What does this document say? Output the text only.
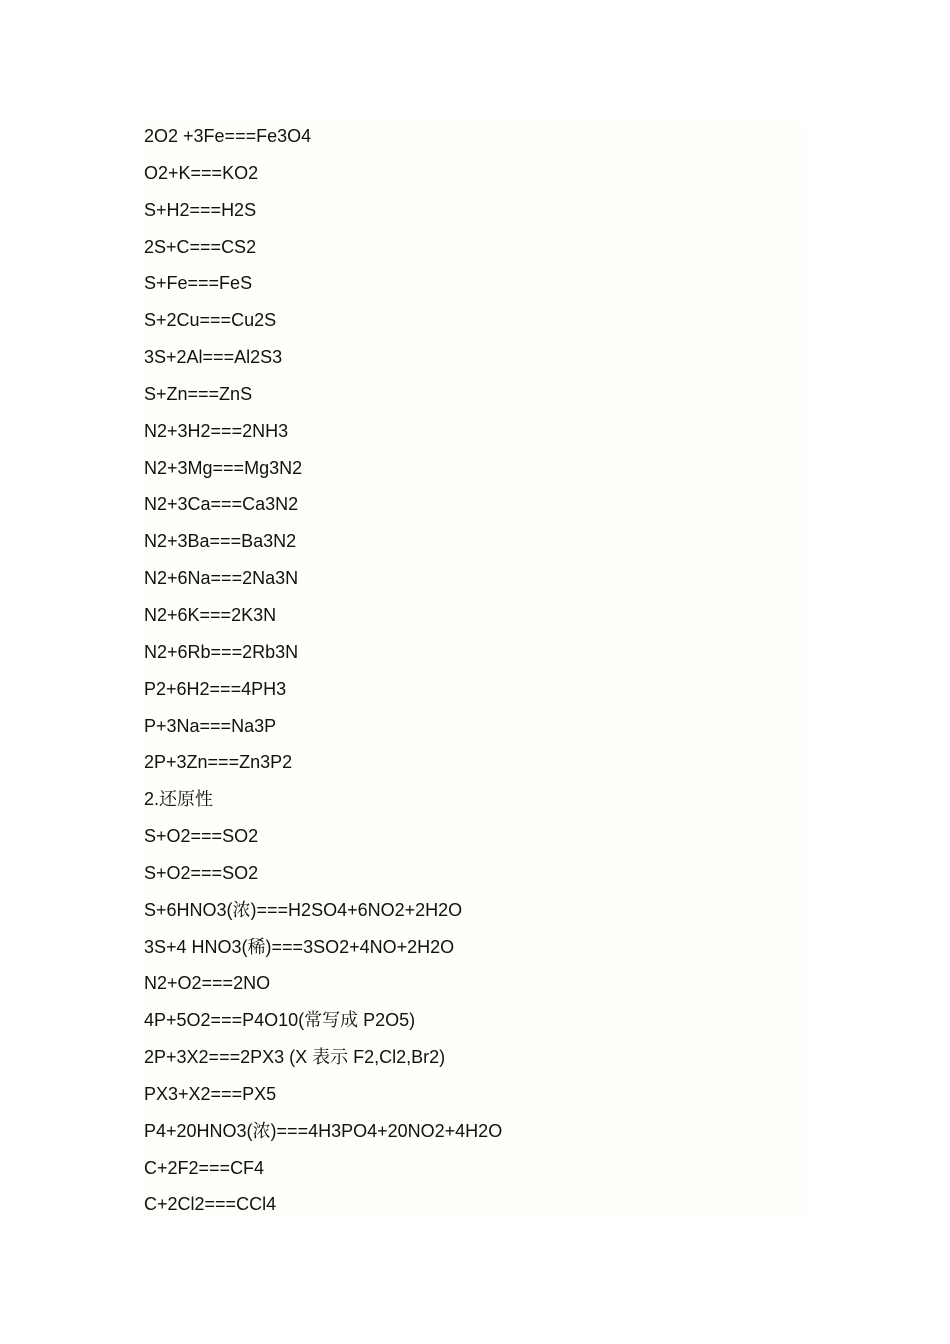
2O2 +3Fe===Fe3O4
O2+K===KO2
S+H2===H2S
2S+C===CS2
S+Fe===FeS
S+2Cu===Cu2S
3S+2Al===Al2S3
S+Zn===ZnS
N2+3H2===2NH3
N2+3Mg===Mg3N2
N2+3Ca===Ca3N2
N2+3Ba===Ba3N2
N2+6Na===2Na3N
N2+6K===2K3N
N2+6Rb===2Rb3N
P2+6H2===4PH3
P+3Na===Na3P
2P+3Zn===Zn3P2
2.还原性
S+O2===SO2
S+O2===SO2
S+6HNO3(浓)===H2SO4+6NO2+2H2O
3S+4 HNO3(稀)===3SO2+4NO+2H2O
N2+O2===2NO
4P+5O2===P4O10(常写成 P2O5)
2P+3X2===2PX3 (X 表示 F2,Cl2,Br2)
PX3+X2===PX5
P4+20HNO3(浓)===4H3PO4+20NO2+4H2O
C+2F2===CF4
C+2Cl2===CCl4
